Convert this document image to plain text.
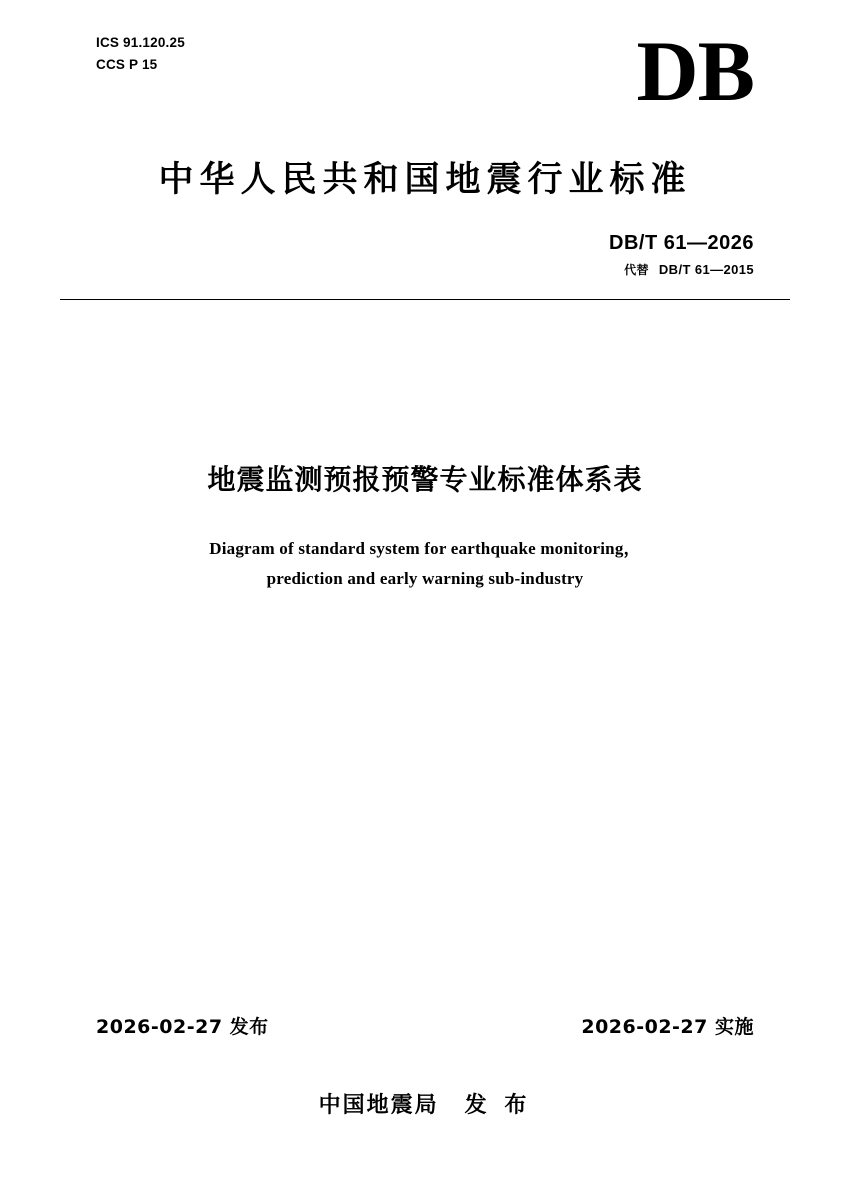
ICS 91.120.25
CCS P 15	DB
中华人民共和国地震行业标准
DB/T 61—2026
代替 DB/T 61—2015
地震监测预报预警专业标准体系表
Diagram of standard system for earthquake monitoring，
prediction and early warning sub-industry
2026-02-27 发布	2026-02-27 实施
中国地震局 发 布
